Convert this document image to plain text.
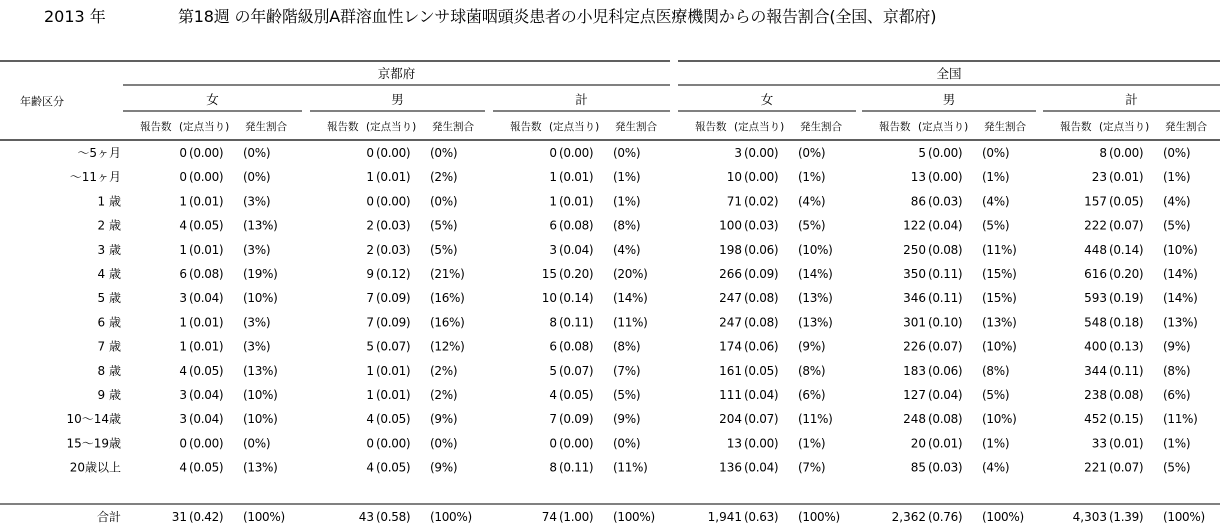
2013 年	第18週 の年齢階級別A群溶血性レンサ球菌咽頭炎患者の小児科定点医療機関からの報告割合(全国、京都府)
京都府	全国
女	男	計	女	男	計
年齢区分
報告数 (定点当り) 発生割合	報告数 (定点当り) 発生割合	報告数 (定点当り) 発生割合	報告数 (定点当り) 発生割合	報告数 (定点当り) 発生割合	報告数 (定点当り) 発生割合
～5ヶ月	0 (0.00) (0%)	0 (0.00) (0%)	0 (0.00) (0%)	3 (0.00) (0%)	5 (0.00) (0%)	8 (0.00) (0%)
～11ヶ月	0 (0.00) (0%)	1 (0.01) (2%)	1 (0.01) (1%)	10 (0.00) (1%)	13 (0.00) (1%)	23 (0.01) (1%)
1 歳	1 (0.01) (3%)	0 (0.00) (0%)	1 (0.01) (1%)	71 (0.02) (4%)	86 (0.03) (4%)	157 (0.05) (4%)
2 歳	4 (0.05) (13%)	2 (0.03) (5%)	6 (0.08) (8%)	100 (0.03) (5%)	122 (0.04) (5%)	222 (0.07) (5%)
3 歳	1 (0.01) (3%)	2 (0.03) (5%)	3 (0.04) (4%)	198 (0.06) (10%)	250 (0.08) (11%)	448 (0.14) (10%)
4 歳	6 (0.08) (19%)	9 (0.12) (21%)	15 (0.20) (20%)	266 (0.09) (14%)	350 (0.11) (15%)	616 (0.20) (14%)
5 歳	3 (0.04) (10%)	7 (0.09) (16%)	10 (0.14) (14%)	247 (0.08) (13%)	346 (0.11) (15%)	593 (0.19) (14%)
6 歳	1 (0.01) (3%)	7 (0.09) (16%)	8 (0.11) (11%)	247 (0.08) (13%)	301 (0.10) (13%)	548 (0.18) (13%)
7 歳	1 (0.01) (3%)	5 (0.07) (12%)	6 (0.08) (8%)	174 (0.06) (9%)	226 (0.07) (10%)	400 (0.13) (9%)
8 歳	4 (0.05) (13%)	1 (0.01) (2%)	5 (0.07) (7%)	161 (0.05) (8%)	183 (0.06) (8%)	344 (0.11) (8%)
9 歳	3 (0.04) (10%)	1 (0.01) (2%)	4 (0.05) (5%)	111 (0.04) (6%)	127 (0.04) (5%)	238 (0.08) (6%)
10～14歳	3 (0.04) (10%)	4 (0.05) (9%)	7 (0.09) (9%)	204 (0.07) (11%)	248 (0.08) (10%)	452 (0.15) (11%)
15～19歳	0 (0.00) (0%)	0 (0.00) (0%)	0 (0.00) (0%)	13 (0.00) (1%)	20 (0.01) (1%)	33 (0.01) (1%)
20歳以上	4 (0.05) (13%)	4 (0.05) (9%)	8 (0.11) (11%)	136 (0.04) (7%)	85 (0.03) (4%)	221 (0.07) (5%)
合計	31 (0.42) (100%)	43 (0.58) (100%)	74 (1.00) (100%)	1,941 (0.63) (100%)	2,362 (0.76) (100%)	4,303 (1.39) (100%)
